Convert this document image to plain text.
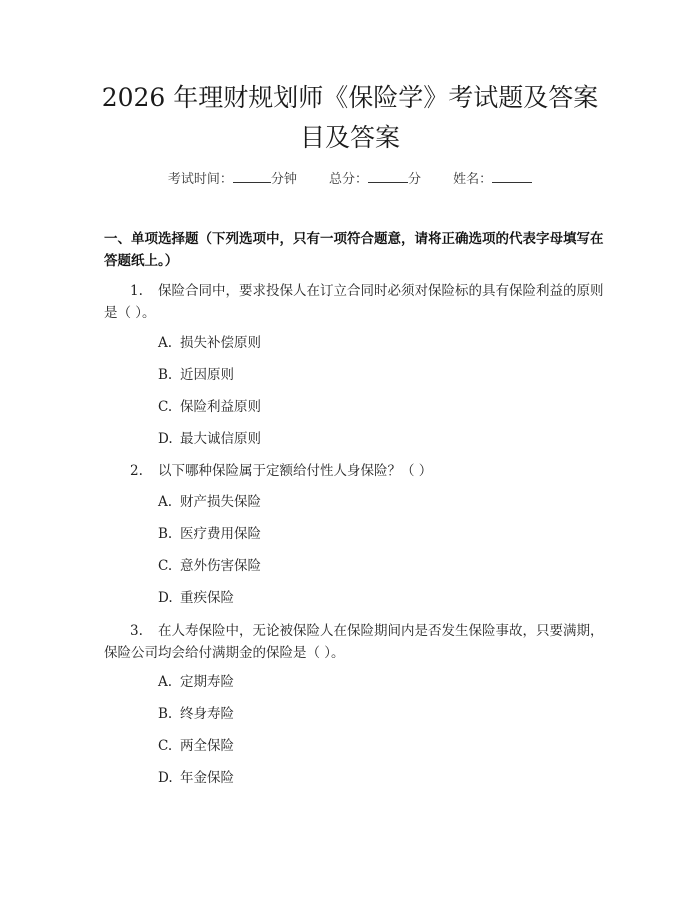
2026 年理财规划师《保险学》考试题及答案
目及答案
考试时间：	分钟 总分：	分 姓名：
一、单项选择题（下列选项中，只有一项符合题意，请将正确选项的代表字母填写在答题纸上。）
1. 保险合同中，要求投保人在订立合同时必须对保险标的具有保险利益的原则是（ ）。
A. 损失补偿原则
B. 近因原则
C. 保险利益原则
D. 最大诚信原则
2. 以下哪种保险属于定额给付性人身保险？（ ）
A. 财产损失保险
B. 医疗费用保险
C. 意外伤害保险
D. 重疾保险
3. 在人寿保险中，无论被保险人在保险期间内是否发生保险事故，只要满期，保险公司均会给付满期金的保险是（ ）。
A. 定期寿险
B. 终身寿险
C. 两全保险
D. 年金保险
